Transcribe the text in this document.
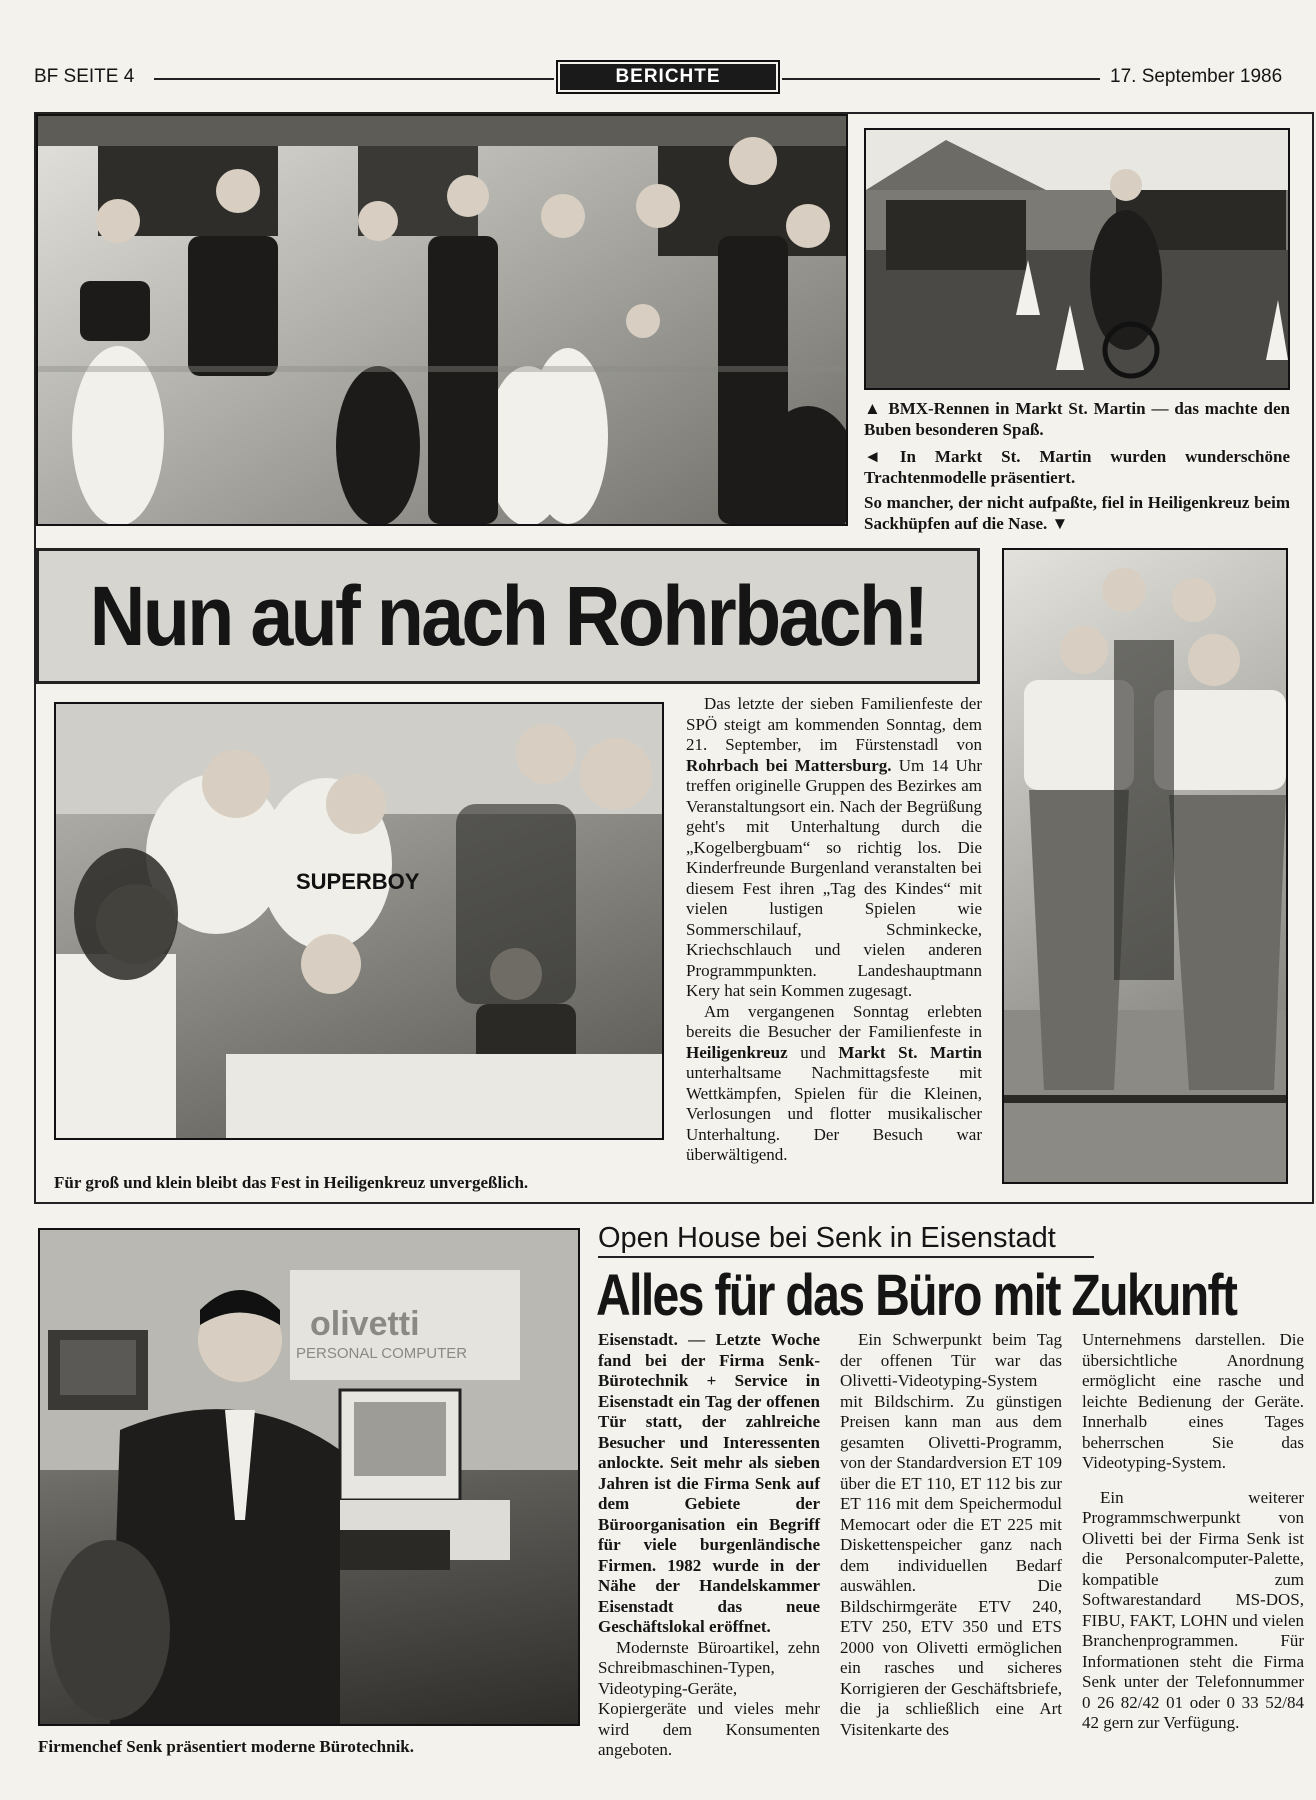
BF SEITE 4	BERICHTE	17. September 1986
▲ BMX-Rennen in Markt St. Martin — das machte den Buben besonderen Spaß.
◄ In Markt St. Martin wurden wunderschöne Trachtenmodelle präsentiert.
So mancher, der nicht aufpaßte, fiel in Heiligenkreuz beim Sackhüpfen auf die Nase. ▼
Nun auf nach Rohrbach!
SUPERBOY
Für groß und klein bleibt das Fest in Heiligenkreuz unvergeßlich.

Das letzte der sieben Familienfeste der SPÖ steigt am kommenden Sonntag, dem 21. September, im Fürstenstadl von Rohrbach bei Mattersburg. Um 14 Uhr treffen originelle Gruppen des Bezirkes am Veranstaltungsort ein. Nach der Begrüßung geht's mit Unterhaltung durch die „Kogelbergbuam“ so richtig los. Die Kinderfreunde Burgenland veranstalten bei diesem Fest ihren „Tag des Kindes“ mit vielen lustigen Spielen wie Sommerschilauf, Schminkecke, Kriechschlauch und vielen anderen Programmpunkten. Landeshauptmann Kery hat sein Kommen zugesagt.

Am vergangenen Sonntag erlebten bereits die Besucher der Familienfeste in Heiligenkreuz und Markt St. Martin unterhaltsame Nachmittagsfeste mit Wettkämpfen, Spielen für die Kleinen, Verlosungen und flotter musikalischer Unterhaltung. Der Besuch war überwältigend.

olivetti
PERSONAL COMPUTER
Firmenchef Senk präsentiert moderne Bürotechnik.
Open House bei Senk in Eisenstadt
Alles für das Büro mit Zukunft

Eisenstadt. — Letzte Woche fand bei der Firma Senk-Bürotechnik + Service in Eisenstadt ein Tag der offenen Tür statt, der zahlreiche Besucher und Interessenten anlockte. Seit mehr als sieben Jahren ist die Firma Senk auf dem Gebiete der Büroorganisation ein Begriff für viele burgenländische Firmen. 1982 wurde in der Nähe der Handelskammer Eisenstadt das neue Geschäftslokal eröffnet.

Modernste Büroartikel, zehn Schreibmaschinen-Typen, Videotyping-Geräte, Kopiergeräte und vieles mehr wird dem Konsumenten angeboten.

Ein Schwerpunkt beim Tag der offenen Tür war das Olivetti-Videotyping-System mit Bildschirm. Zu günstigen Preisen kann man aus dem gesamten Olivetti-Programm, von der Standardversion ET 109 über die ET 110, ET 112 bis zur ET 116 mit dem Speichermodul Memocart oder die ET 225 mit Diskettenspeicher ganz nach dem individuellen Bedarf auswählen. Die Bildschirmgeräte ETV 240, ETV 250, ETV 350 und ETS 2000 von Olivetti ermöglichen ein rasches und sicheres Korrigieren der Geschäftsbriefe, die ja schließlich eine Art Visitenkarte des

Unternehmens darstellen. Die übersichtliche Anordnung ermöglicht eine rasche und leichte Bedienung der Geräte. Innerhalb eines Tages beherrschen Sie das Videotyping-System.

Ein weiterer Programmschwerpunkt von Olivetti bei der Firma Senk ist die Personalcomputer-Palette, kompatible zum Softwarestandard MS-DOS, FIBU, FAKT, LOHN und vielen Branchenprogrammen. Für Informationen steht die Firma Senk unter der Telefonnummer 0 26 82/42 01 oder 0 33 52/84 42 gern zur Verfügung.
